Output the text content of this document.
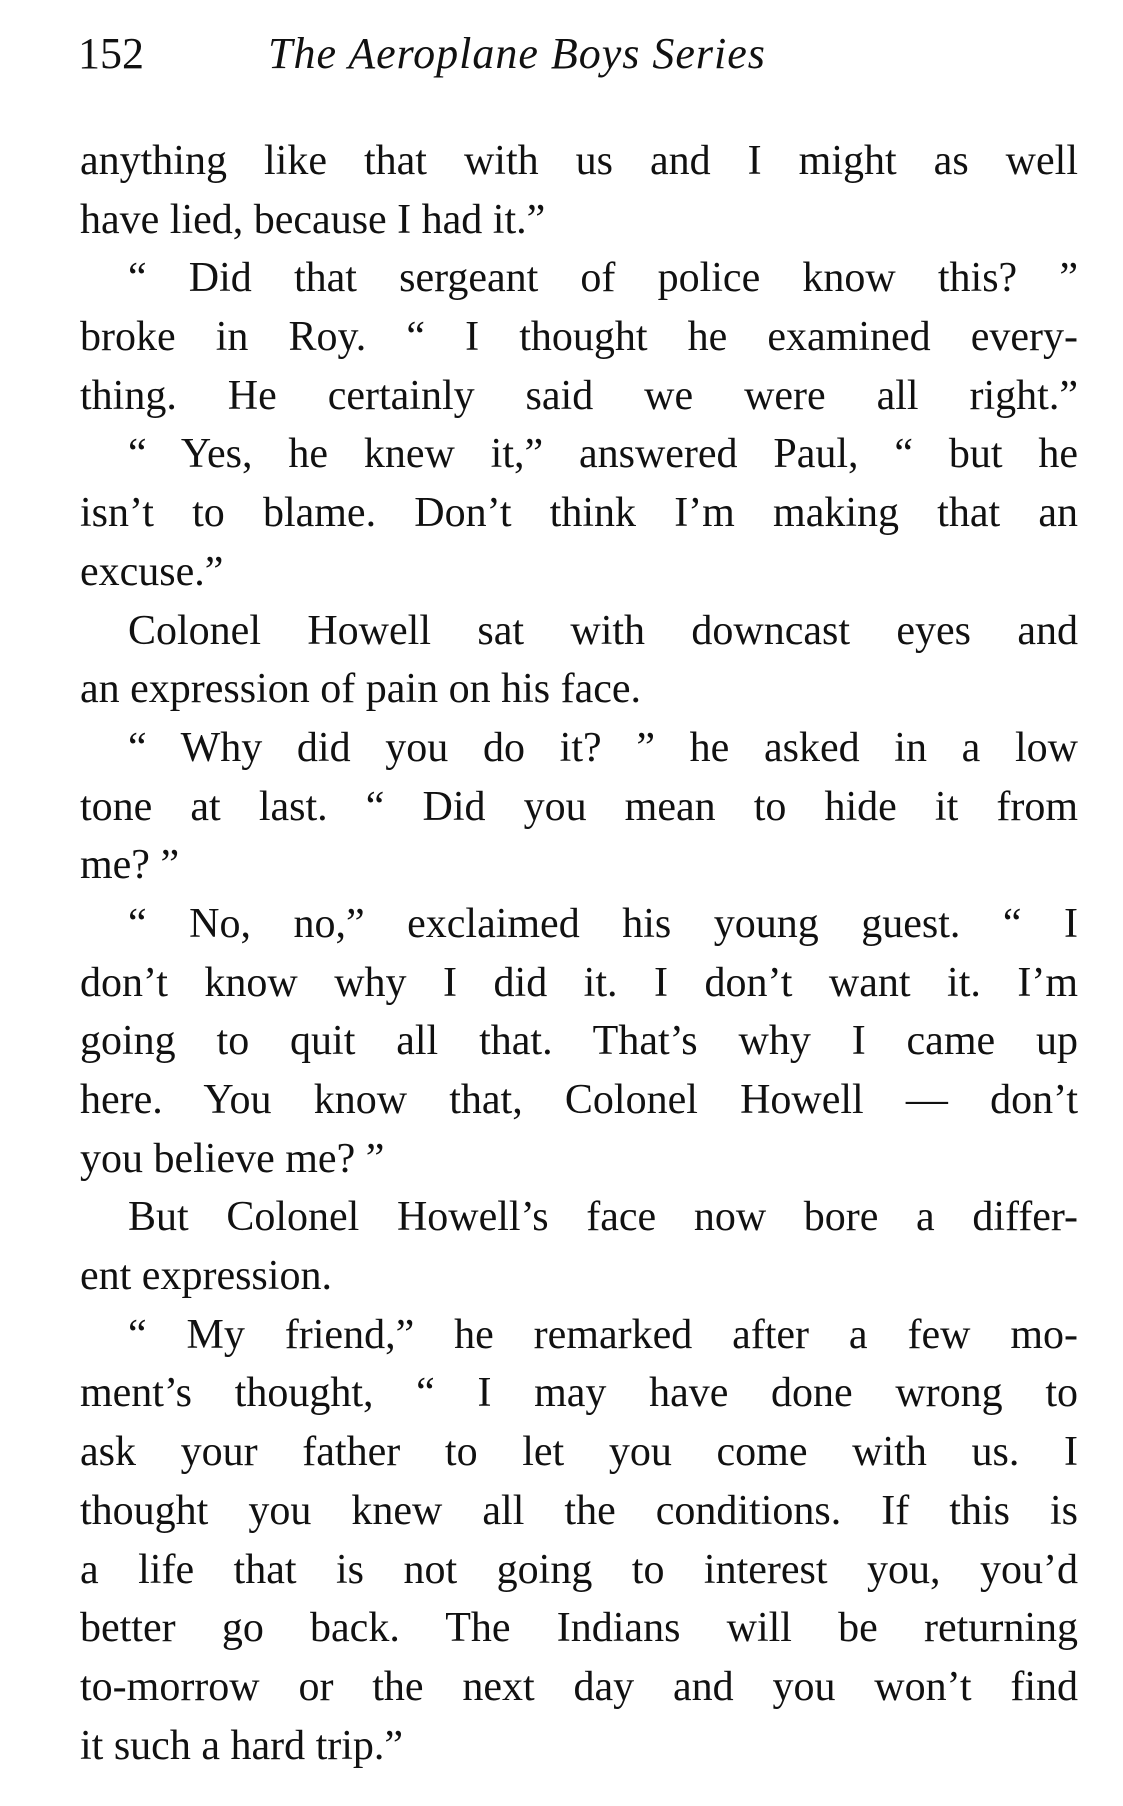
152	The Aeroplane Boys Series
anything like that with us and I might as well
have lied, because I had it.”
“ Did that sergeant of police know this? ”
broke in Roy. “ I thought he examined every-
thing. He certainly said we were all right.”
“ Yes, he knew it,” answered Paul, “ but he
isn’t to blame. Don’t think I’m making that an
excuse.”
Colonel Howell sat with downcast eyes and
an expression of pain on his face.
“ Why did you do it? ” he asked in a low
tone at last. “ Did you mean to hide it from
me? ”
“ No, no,” exclaimed his young guest. “ I
don’t know why I did it. I don’t want it. I’m
going to quit all that. That’s why I came up
here. You know that, Colonel Howell — don’t
you believe me? ”
But Colonel Howell’s face now bore a differ-
ent expression.
“ My friend,” he remarked after a few mo-
ment’s thought, “ I may have done wrong to
ask your father to let you come with us. I
thought you knew all the conditions. If this is
a life that is not going to interest you, you’d
better go back. The Indians will be returning
to-morrow or the next day and you won’t find
it such a hard trip.”
